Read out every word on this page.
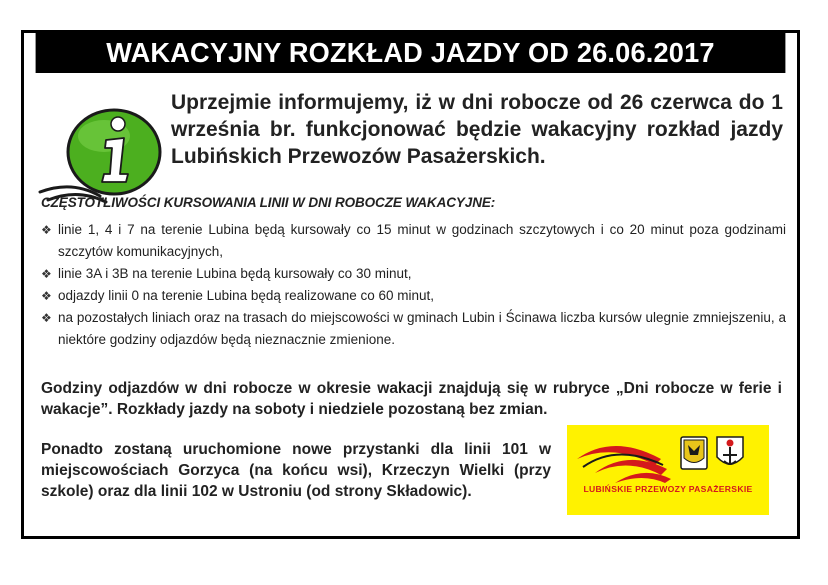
WAKACYJNY ROZKŁAD JAZDY OD 26.06.2017
Uprzejmie informujemy, iż w dni robocze od 26 czerwca do 1 września br. funkcjonować będzie wakacyjny rozkład jazdy Lubińskich Przewozów Pasażerskich.
CZĘSTOTLIWOŚCI KURSOWANIA LINII W DNI ROBOCZE WAKACYJNE:
❖ linie 1, 4 i 7 na terenie Lubina będą kursowały co 15 minut w godzinach szczytowych i co 20 minut poza godzinami szczytów komunikacyjnych,
❖ linie 3A i 3B na terenie Lubina będą kursowały co 30 minut,
❖ odjazdy linii 0 na terenie Lubina będą realizowane co 60 minut,
❖ na pozostałych liniach oraz na trasach do miejscowości w gminach Lubin i Ścinawa liczba kursów ulegnie zmniejszeniu, a niektóre godziny odjazdów będą nieznacznie zmienione.
Godziny odjazdów w dni robocze w okresie wakacji znajdują się w rubryce „Dni robocze w ferie i wakacje”. Rozkłady jazdy na soboty i niedziele pozostaną bez zmian.
Ponadto zostaną uruchomione nowe przystanki dla linii 101 w miejscowościach Gorzyca (na końcu wsi), Krzeczyn Wielki (przy szkole) oraz dla linii 102 w Ustroniu (od strony Składowic).	LUBIŃSKIE PRZEWOZY PASAŻERSKIE
